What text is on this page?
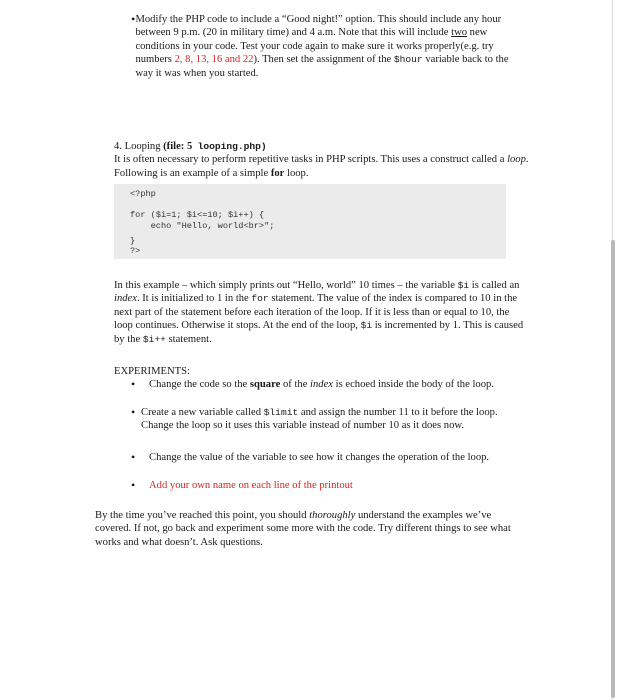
• Modify the PHP code to include a “Good night!” option. This should include any hour between 9 p.m. (20 in military time) and 4 a.m. Note that this will include two new conditions in your code. Test your code again to make sure it works properly(e.g. try numbers 2, 8, 13, 16 and 22). Then set the assignment of the $hour variable back to the way it was when you started.

4. Looping (file: 5 looping.php)

It is often necessary to perform repetitive tasks in PHP scripts. This uses a construct called a loop. Following is an example of a simple for loop.

<?php
for ($i=1; $i<=10; $i++) {
echo "Hello, world<br>";
}
?>

In this example – which simply prints out “Hello, world” 10 times – the variable $i is called an index. It is initialized to 1 in the for statement. The value of the index is compared to 10 in the next part of the statement before each iteration of the loop. If it is less than or equal to 10, the loop continues. Otherwise it stops. At the end of the loop, $i is incremented by 1. This is caused by the $i++ statement.

EXPERIMENTS:
•	Change the code so the square of the index is echoed inside the body of the loop.

• Create a new variable called $limit and assign the number 11 to it before the loop. Change the loop so it uses this variable instead of number 10 as it does now.

•	Change the value of the variable to see how it changes the operation of the loop.

•	Add your own name on each line of the printout

By the time you’ve reached this point, you should thoroughly understand the examples we’ve covered. If not, go back and experiment some more with the code. Try different things to see what works and what doesn’t. Ask questions.
